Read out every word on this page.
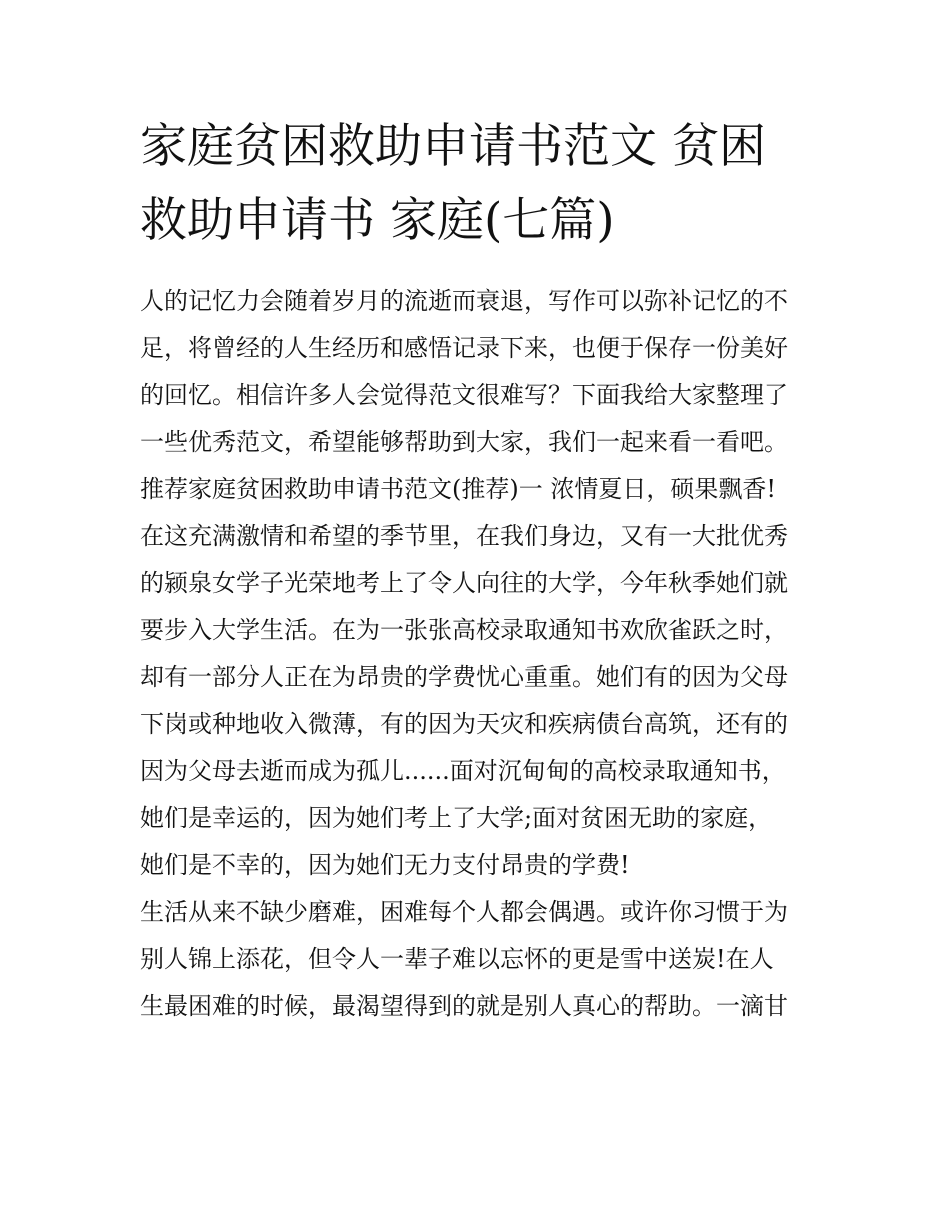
家庭贫困救助申请书范文 贫困
救助申请书 家庭(七篇)
人的记忆力会随着岁月的流逝而衰退，写作可以弥补记忆的不
足，将曾经的人生经历和感悟记录下来，也便于保存一份美好
的回忆。相信许多人会觉得范文很难写？下面我给大家整理了
一些优秀范文，希望能够帮助到大家，我们一起来看一看吧。
推荐家庭贫困救助申请书范文(推荐)一 浓情夏日，硕果飘香!
在这充满激情和希望的季节里，在我们身边，又有一大批优秀
的颍泉女学子光荣地考上了令人向往的大学，今年秋季她们就
要步入大学生活。在为一张张高校录取通知书欢欣雀跃之时，
却有一部分人正在为昂贵的学费忧心重重。她们有的因为父母
下岗或种地收入微薄，有的因为天灾和疾病债台高筑，还有的
因为父母去逝而成为孤儿......面对沉甸甸的高校录取通知书，
她们是幸运的，因为她们考上了大学;面对贫困无助的家庭，
她们是不幸的，因为她们无力支付昂贵的学费!
生活从来不缺少磨难，困难每个人都会偶遇。或许你习惯于为
别人锦上添花，但令人一辈子难以忘怀的更是雪中送炭!在人
生最困难的时候，最渴望得到的就是别人真心的帮助。一滴甘
